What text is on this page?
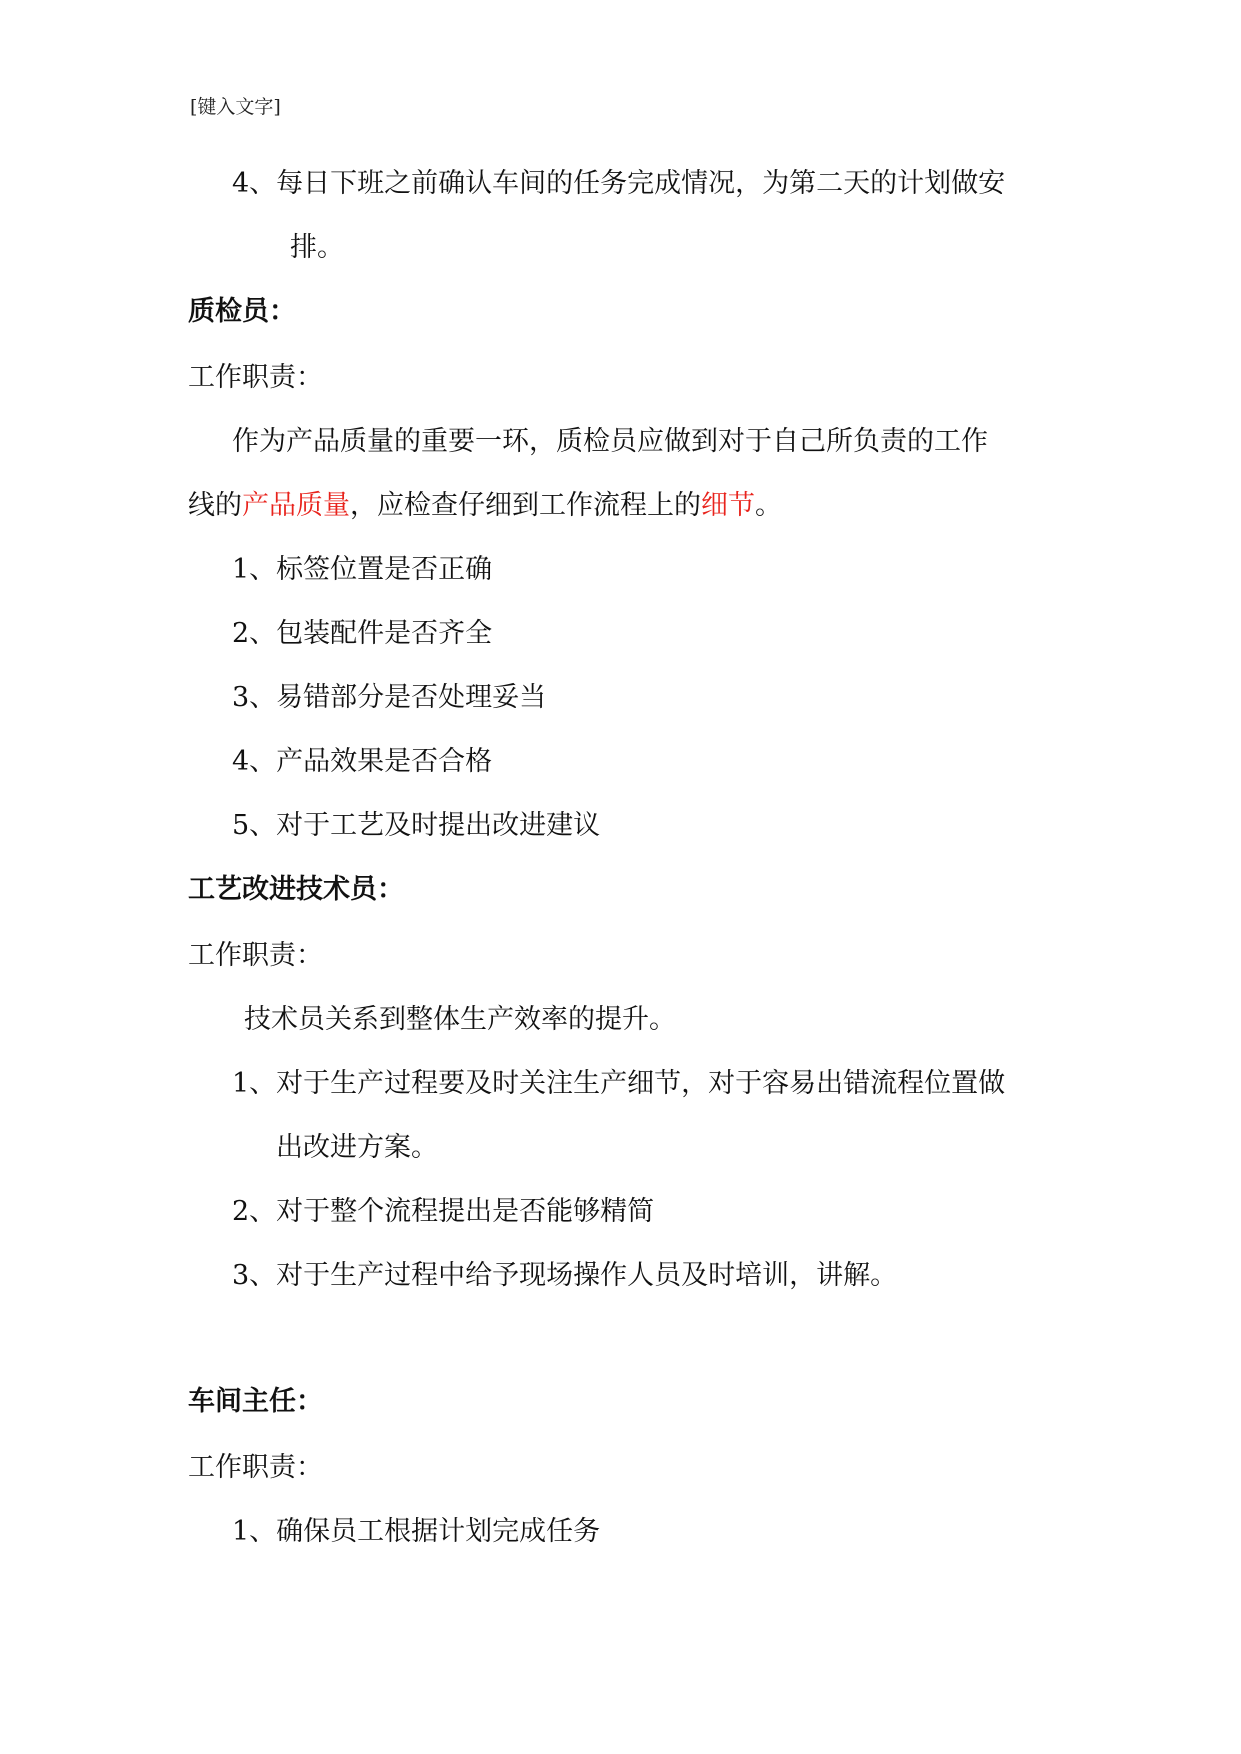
[键入文字]
4、每日下班之前确认车间的任务完成情况，为第二天的计划做安
排。
质检员：
工作职责：
作为产品质量的重要一环，质检员应做到对于自己所负责的工作
线的产品质量，应检查仔细到工作流程上的细节。
1、标签位置是否正确
2、包装配件是否齐全
3、易错部分是否处理妥当
4、产品效果是否合格
5、对于工艺及时提出改进建议
工艺改进技术员：
工作职责：
技术员关系到整体生产效率的提升。
1、对于生产过程要及时关注生产细节，对于容易出错流程位置做
出改进方案。
2、对于整个流程提出是否能够精简
3、对于生产过程中给予现场操作人员及时培训，讲解。
车间主任：
工作职责：
1、确保员工根据计划完成任务
